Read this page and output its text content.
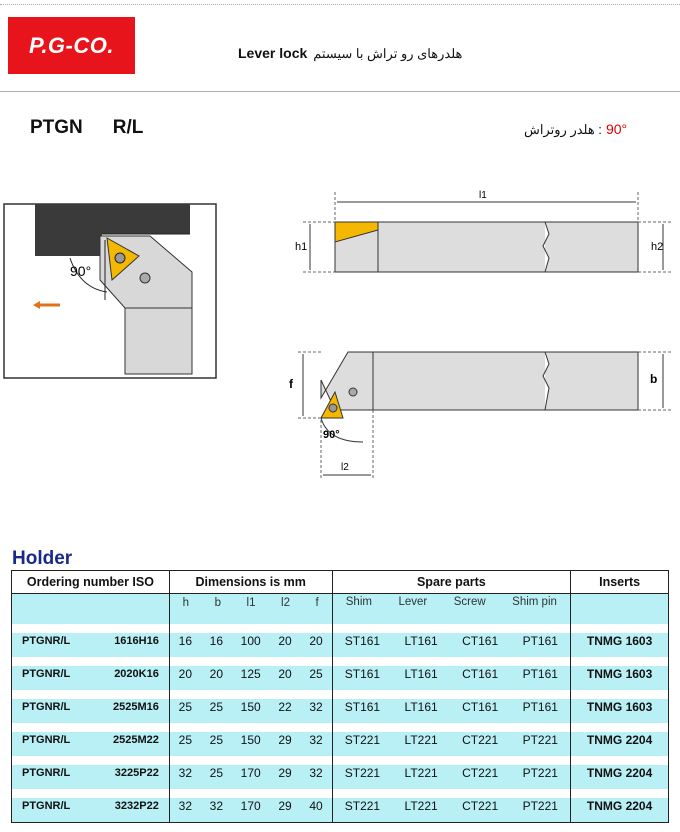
P.G-CO.	Lever lock هلدرهای رو تراش با سیستم
PTGN R/L	: هلدر روتراش 90°
90°
l1
h1	h2
f	b
l2
90°
Holder
Ordering number ISO	Dimensions is mm	Spare parts	Inserts

	h b l1 l2 f	Shim Lever Screw Shim pin	

PTGNR/L 1616H16	16 16 100 20 20	ST161 LT161 CT161 PT161	TNMG 1603

PTGNR/L 2020K16	20 20 125 20 25	ST161 LT161 CT161 PT161	TNMG 1603

PTGNR/L 2525M16	25 25 150 22 32	ST161 LT161 CT161 PT161	TNMG 1603

PTGNR/L 2525M22	25 25 150 29 32	ST221 LT221 CT221 PT221	TNMG 2204

PTGNR/L 3225P22	32 25 170 29 32	ST221 LT221 CT221 PT221	TNMG 2204

PTGNR/L 3232P22	32 32 170 29 40	ST221 LT221 CT221 PT221	TNMG 2204
